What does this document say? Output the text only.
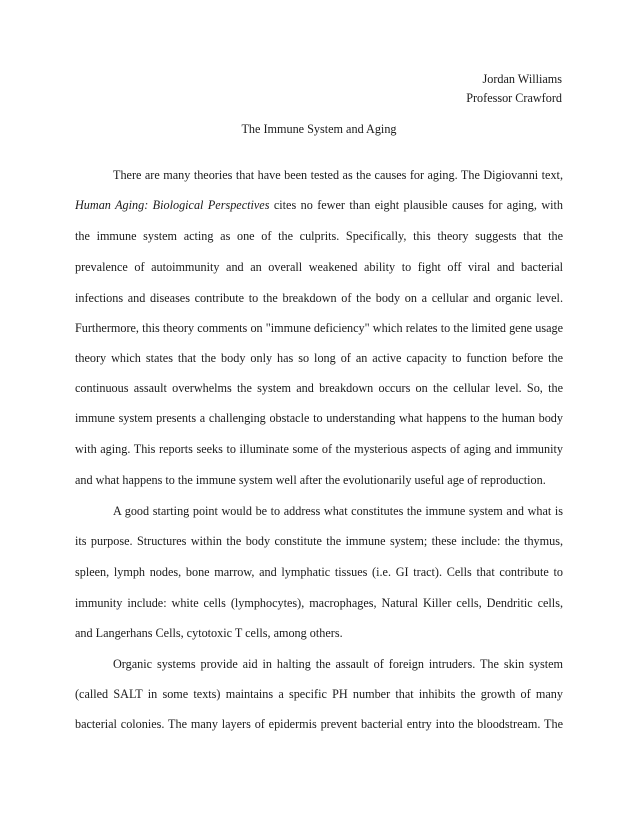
Jordan Williams
Professor Crawford
The Immune System and Aging
There are many theories that have been tested as the causes for aging. The Digiovanni text,
Human Aging: Biological Perspectives cites no fewer than eight plausible causes for aging, with
the immune system acting as one of the culprits. Specifically, this theory suggests that the
prevalence of autoimmunity and an overall weakened ability to fight off viral and bacterial
infections and diseases contribute to the breakdown of the body on a cellular and organic level.
Furthermore, this theory comments on "immune deficiency" which relates to the limited gene usage
theory which states that the body only has so long of an active capacity to function before the
continuous assault overwhelms the system and breakdown occurs on the cellular level. So, the
immune system presents a challenging obstacle to understanding what happens to the human body
with aging. This reports seeks to illuminate some of the mysterious aspects of aging and immunity
and what happens to the immune system well after the evolutionarily useful age of reproduction.
A good starting point would be to address what constitutes the immune system and what is
its purpose. Structures within the body constitute the immune system; these include: the thymus,
spleen, lymph nodes, bone marrow, and lymphatic tissues (i.e. GI tract). Cells that contribute to
immunity include: white cells (lymphocytes), macrophages, Natural Killer cells, Dendritic cells,
and Langerhans Cells, cytotoxic T cells, among others.
Organic systems provide aid in halting the assault of foreign intruders. The skin system
(called SALT in some texts) maintains a specific PH number that inhibits the growth of many
bacterial colonies. The many layers of epidermis prevent bacterial entry into the bloodstream. The
